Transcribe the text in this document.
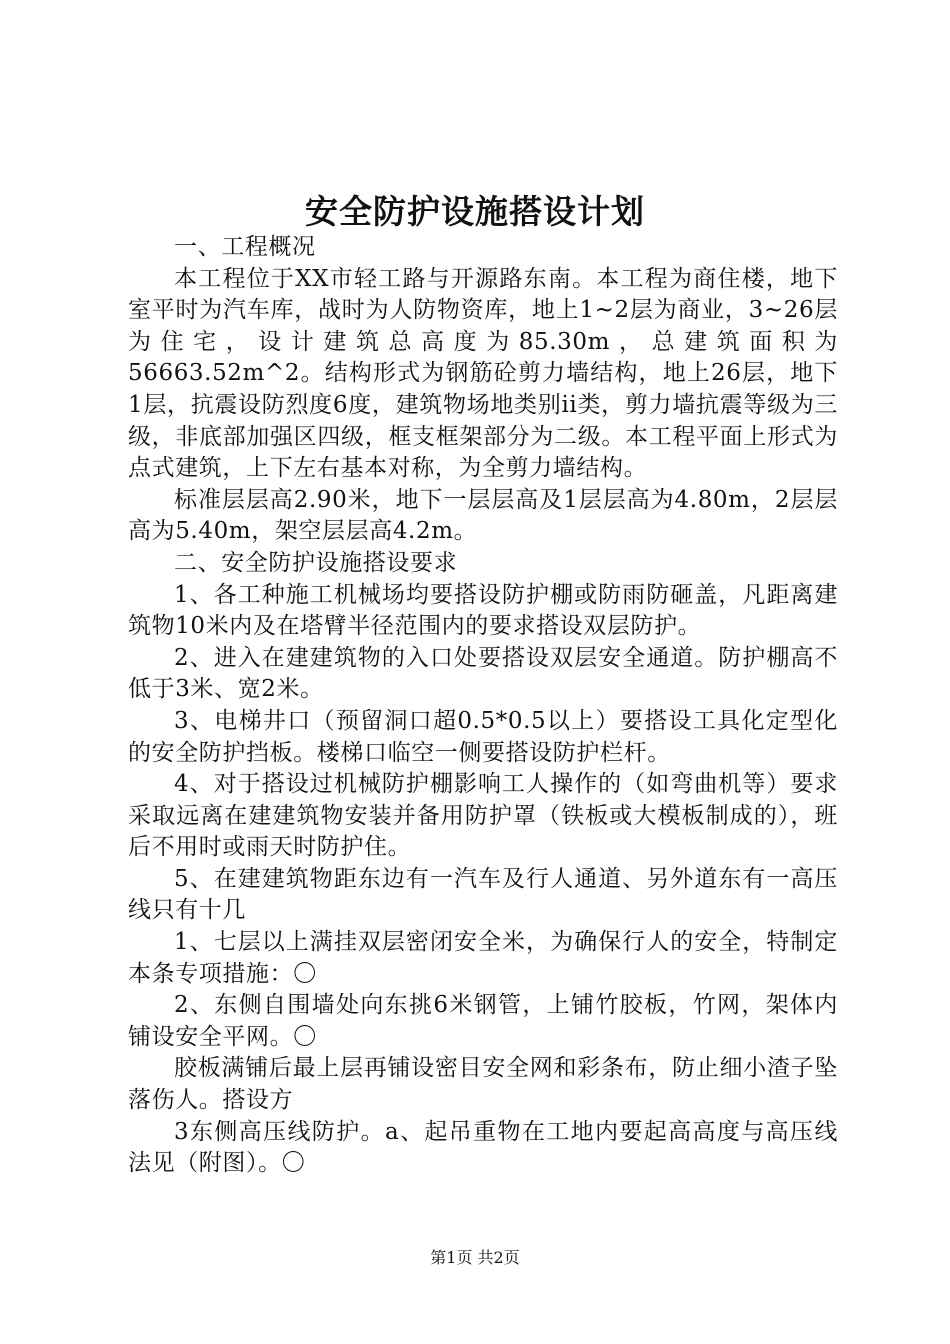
安全防护设施搭设计划

一、工程概况

本工程位于XX市轻工路与开源路东南。本工程为商住楼，地下室平时为汽车库，战时为人防物资库，地上1~2层为商业，3~26层为住宅，设计建筑总高度为85.30m，总建筑面积为56663.52m^2。结构形式为钢筋砼剪力墙结构，地上26层，地下1层，抗震设防烈度6度，建筑物场地类别ii类，剪力墙抗震等级为三级，非底部加强区四级，框支框架部分为二级。本工程平面上形式为点式建筑，上下左右基本对称，为全剪力墙结构。

标准层层高2.90米，地下一层层高及1层层高为4.80m，2层层高为5.40m，架空层层高4.2m。

二、安全防护设施搭设要求

1、各工种施工机械场均要搭设防护棚或防雨防砸盖，凡距离建筑物10米内及在塔臂半径范围内的要求搭设双层防护。

2、进入在建建筑物的入口处要搭设双层安全通道。防护棚高不低于3米、宽2米。

3、电梯井口（预留洞口超0.5*0.5以上）要搭设工具化定型化的安全防护挡板。楼梯口临空一侧要搭设防护栏杆。

4、对于搭设过机械防护棚影响工人操作的（如弯曲机等）要求采取远离在建建筑物安装并备用防护罩（铁板或大模板制成的），班后不用时或雨天时防护住。

5、在建建筑物距东边有一汽车及行人通道、另外道东有一高压线只有十几

1、七层以上满挂双层密闭安全米，为确保行人的安全，特制定本条专项措施：〇

2、东侧自围墙处向东挑6米钢管，上铺竹胶板，竹网，架体内铺设安全平网。〇

胶板满铺后最上层再铺设密目安全网和彩条布，防止细小渣子坠落伤人。搭设方

3东侧高压线防护。a、起吊重物在工地内要起高高度与高压线法见（附图）。〇

第1页 共2页
